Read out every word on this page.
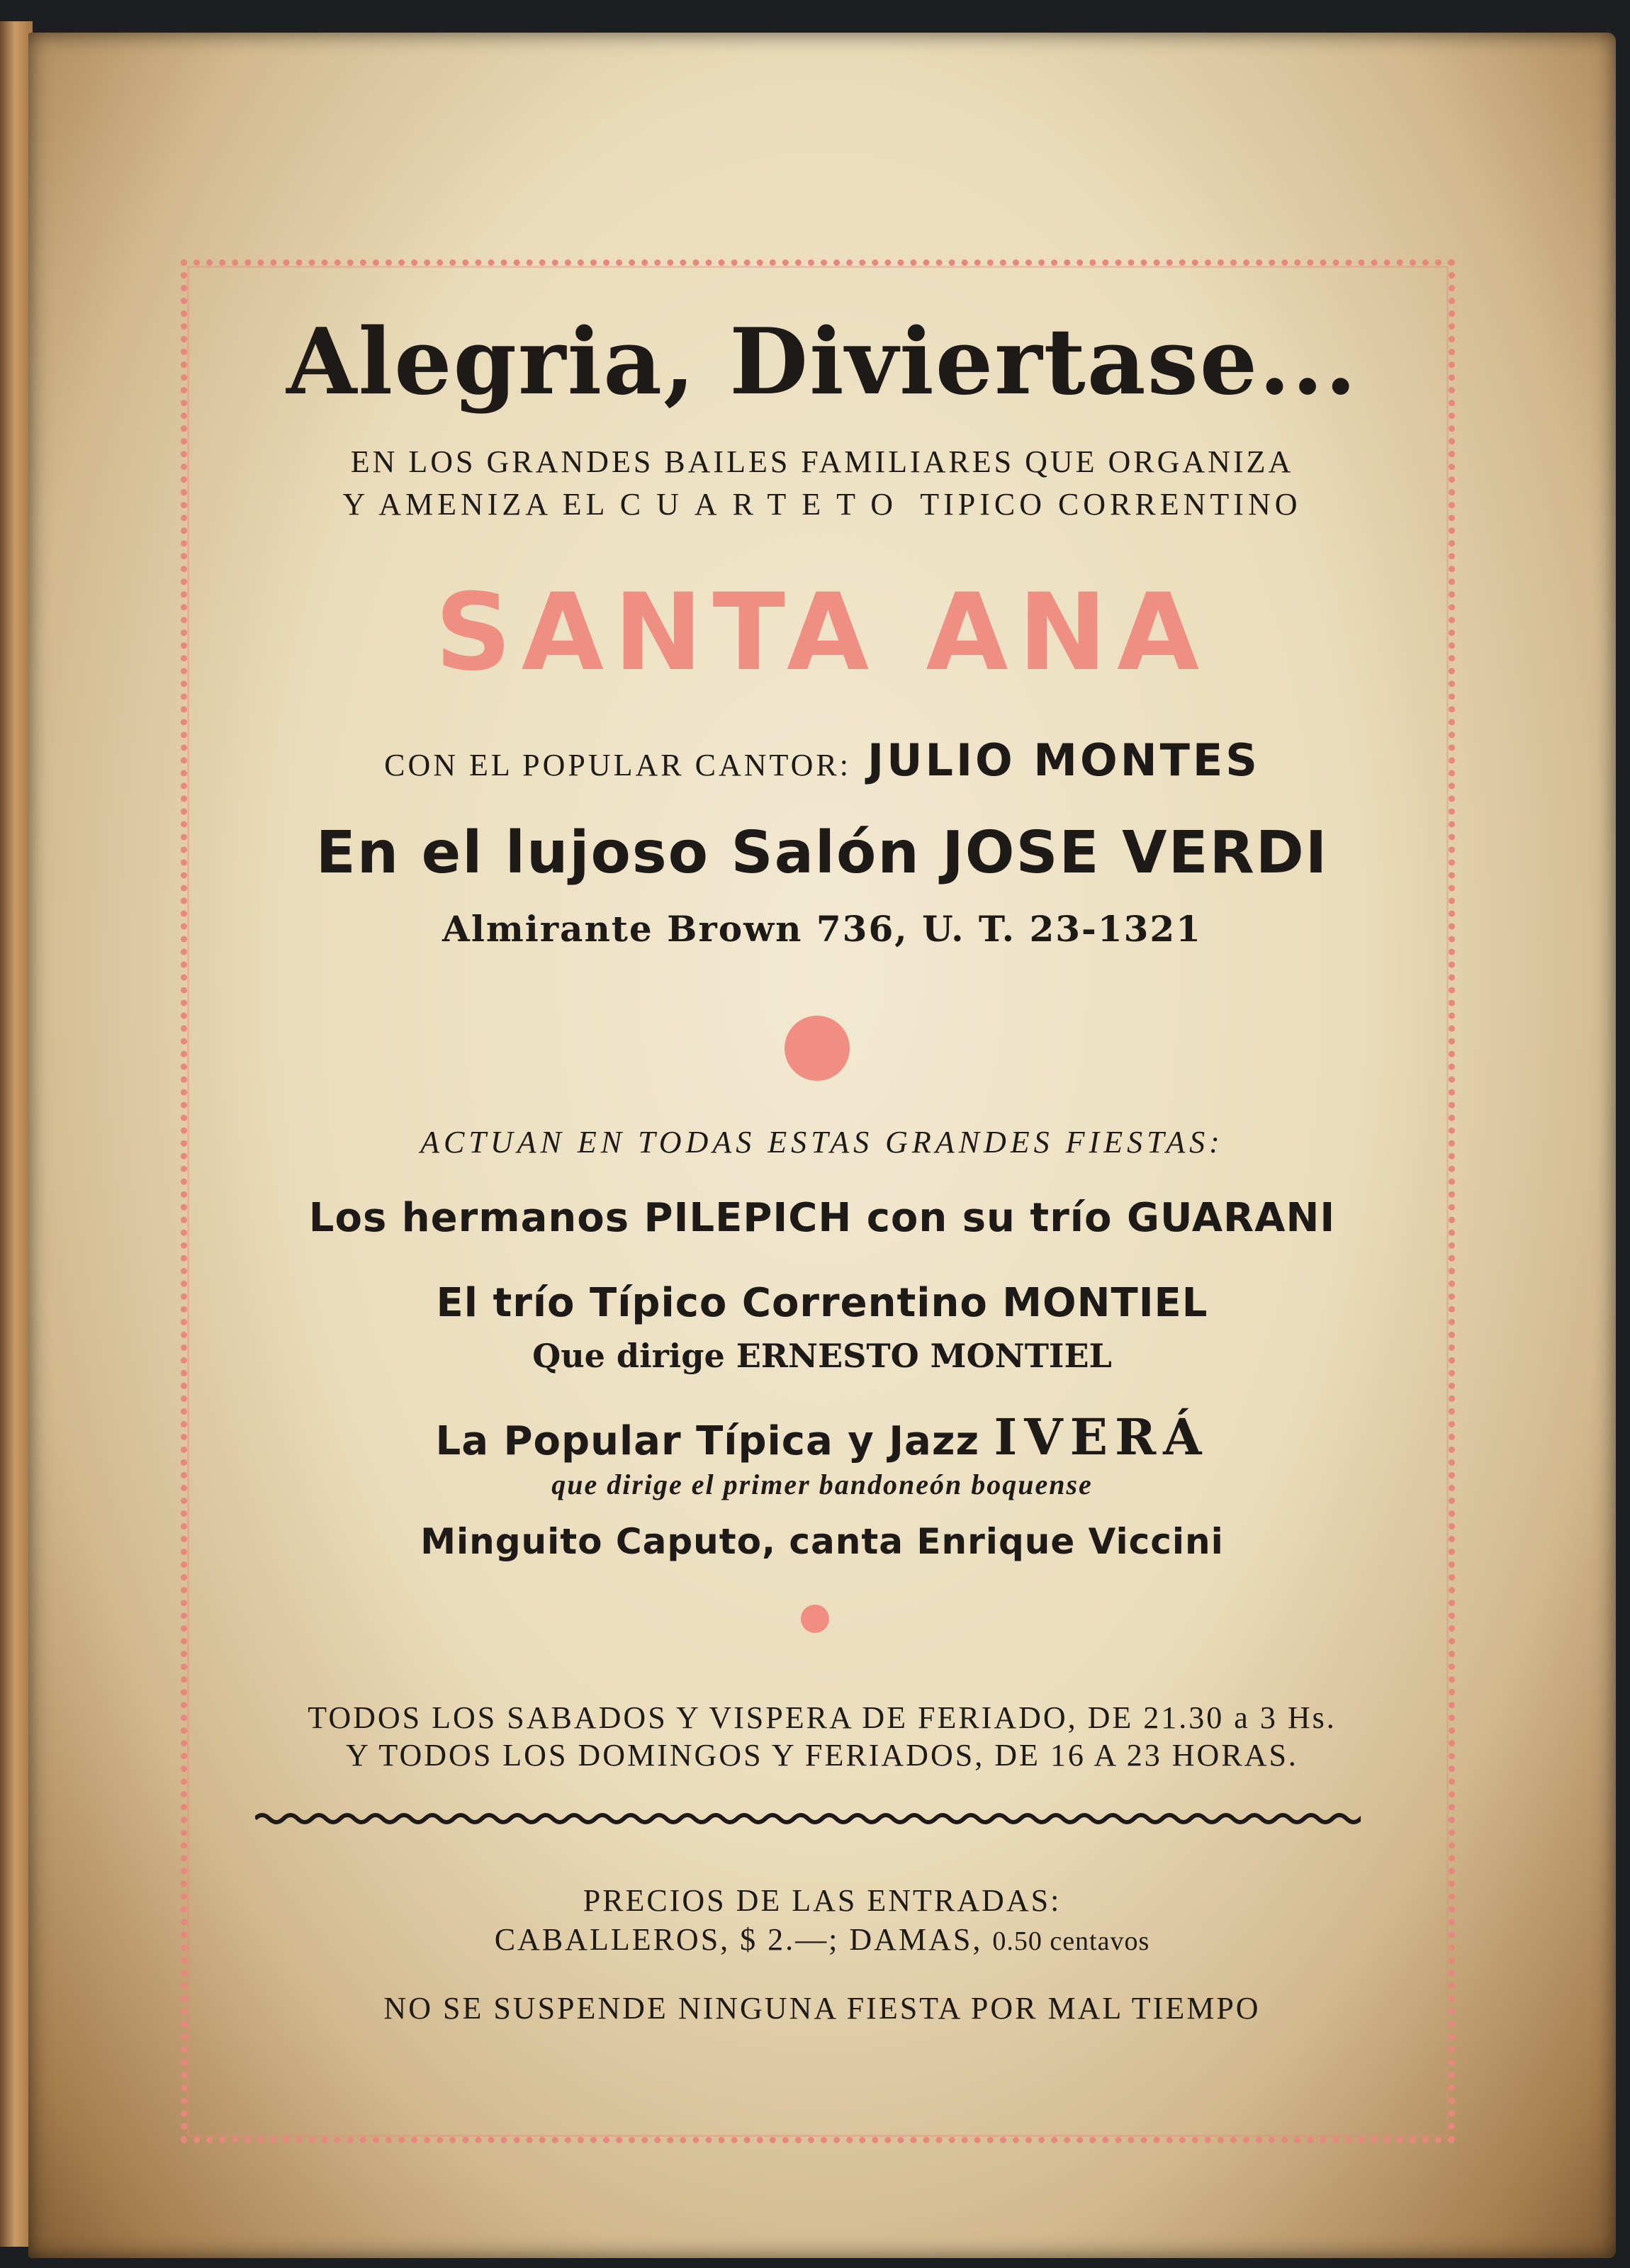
Alegria, Diviertase...
EN LOS GRANDES BAILES FAMILIARES QUE ORGANIZA
Y AMENIZA EL CUARTETO TIPICO CORRENTINO
SANTA ANA
CON EL POPULAR CANTOR: JULIO MONTES
En el lujoso Salón JOSE VERDI
Almirante Brown 736, U. T. 23-1321
ACTUAN EN TODAS ESTAS GRANDES FIESTAS:
Los hermanos PILEPICH con su trío GUARANI
El trío Típico Correntino MONTIEL
Que dirige ERNESTO MONTIEL
La Popular Típica y Jazz IVERÁ
que dirige el primer bandoneón boquense
Minguito Caputo, canta Enrique Viccini
TODOS LOS SABADOS Y VISPERA DE FERIADO, DE 21.30 a 3 Hs.
Y TODOS LOS DOMINGOS Y FERIADOS, DE 16 A 23 HORAS.
PRECIOS DE LAS ENTRADAS:
CABALLEROS, $ 2.—; DAMAS, 0.50 centavos
NO SE SUSPENDE NINGUNA FIESTA POR MAL TIEMPO
